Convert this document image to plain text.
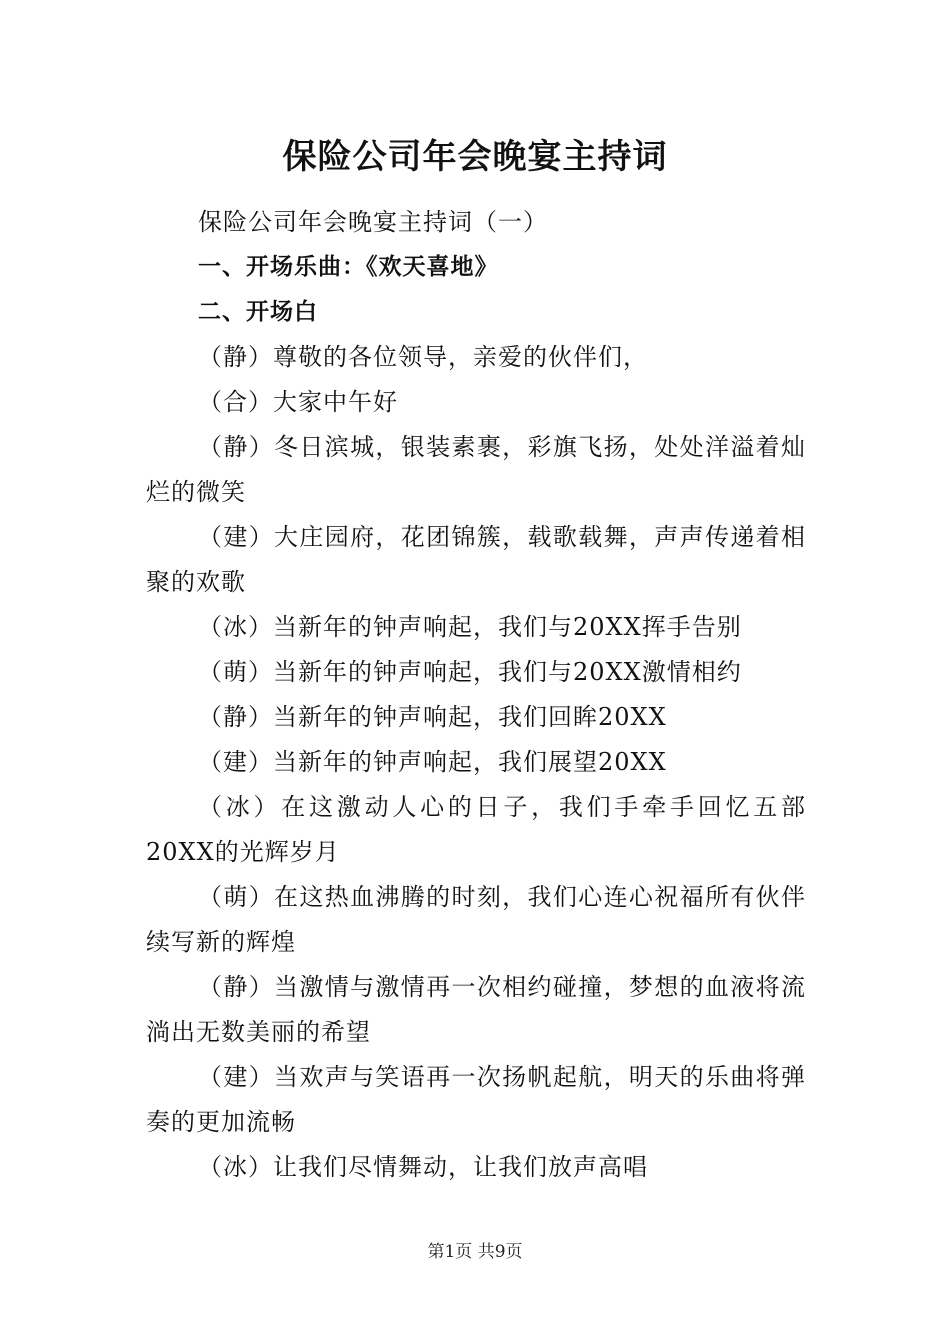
保险公司年会晚宴主持词

保险公司年会晚宴主持词（一）

一、开场乐曲：《欢天喜地》

二、开场白

（静）尊敬的各位领导，亲爱的伙伴们，

（合）大家中午好

（静）冬日滨城，银装素裹，彩旗飞扬，处处洋溢着灿烂的微笑

（建）大庄园府，花团锦簇，载歌载舞，声声传递着相聚的欢歌

（冰）当新年的钟声响起，我们与20XX挥手告别

（萌）当新年的钟声响起，我们与20XX激情相约

（静）当新年的钟声响起，我们回眸20XX

（建）当新年的钟声响起，我们展望20XX

（冰）在这激动人心的日子，我们手牵手回忆五部20XX的光辉岁月

（萌）在这热血沸腾的时刻，我们心连心祝福所有伙伴续写新的辉煌

（静）当激情与激情再一次相约碰撞，梦想的血液将流淌出无数美丽的希望

（建）当欢声与笑语再一次扬帆起航，明天的乐曲将弹奏的更加流畅

（冰）让我们尽情舞动，让我们放声高唱

第1页 共9页
